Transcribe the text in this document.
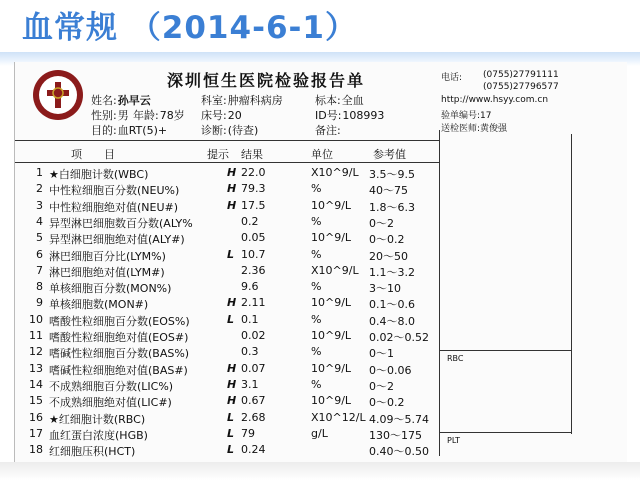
血常规 （2014-6-1）
深圳恒生医院检验报告单	电话: (0755)27791111
(0755)27796577
http://www.hsyy.com.cn
验单编号:17
送检医师:黄俊强
姓名:孙早云	科室:肿瘤科病房	标本:全血
性别:男 年龄:78岁 床号:20	ID号:108993
目的:血RT(5)+	诊断:(待查)	备注:
项　　目	提示 结果	单位	参考值
1 ★白细胞计数(WBC)	H 22.0	X10^9/L 3.5～9.5
2 中性粒细胞百分数(NEU%)	H 79.3	%	40～75
3 中性粒细胞绝对值(NEU#)	H 17.5	10^9/L 1.8～6.3
4 异型淋巴细胞数百分数(ALY%	0.2	%	0～2
5 异型淋巴细胞绝对值(ALY#)	0.05	10^9/L 0～0.2
6 淋巴细胞百分比(LYM%)	L 10.7	%	20～50
7 淋巴细胞绝对值(LYM#)	2.36	X10^9/L 1.1～3.2
8 单核细胞百分数(MON%)	9.6	%	3～10
9 单核细胞数(MON#)	H 2.11	10^9/L 0.1～0.6
10 嗜酸性粒细胞百分数(EOS%)	L 0.1	%	0.4～8.0
11 嗜酸性粒细胞绝对值(EOS#)	0.02	10^9/L 0.02～0.52
12 嗜碱性粒细胞百分数(BAS%)	0.3	%	0～1
13 嗜碱性粒细胞绝对值(BAS#)	H 0.07	10^9/L 0～0.06
14 不成熟细胞百分数(LIC%)	H 3.1	%	0～2
15 不成熟细胞绝对值(LIC#)	H 0.67	10^9/L 0～0.2
16 ★红细胞计数(RBC)	L 2.68	X10^12/L 4.09～5.74
17 血红蛋白浓度(HGB)	L 79	g/L	130～175
18 红细胞压积(HCT)	L 0.24	0.40～0.50
RBC
PLT
